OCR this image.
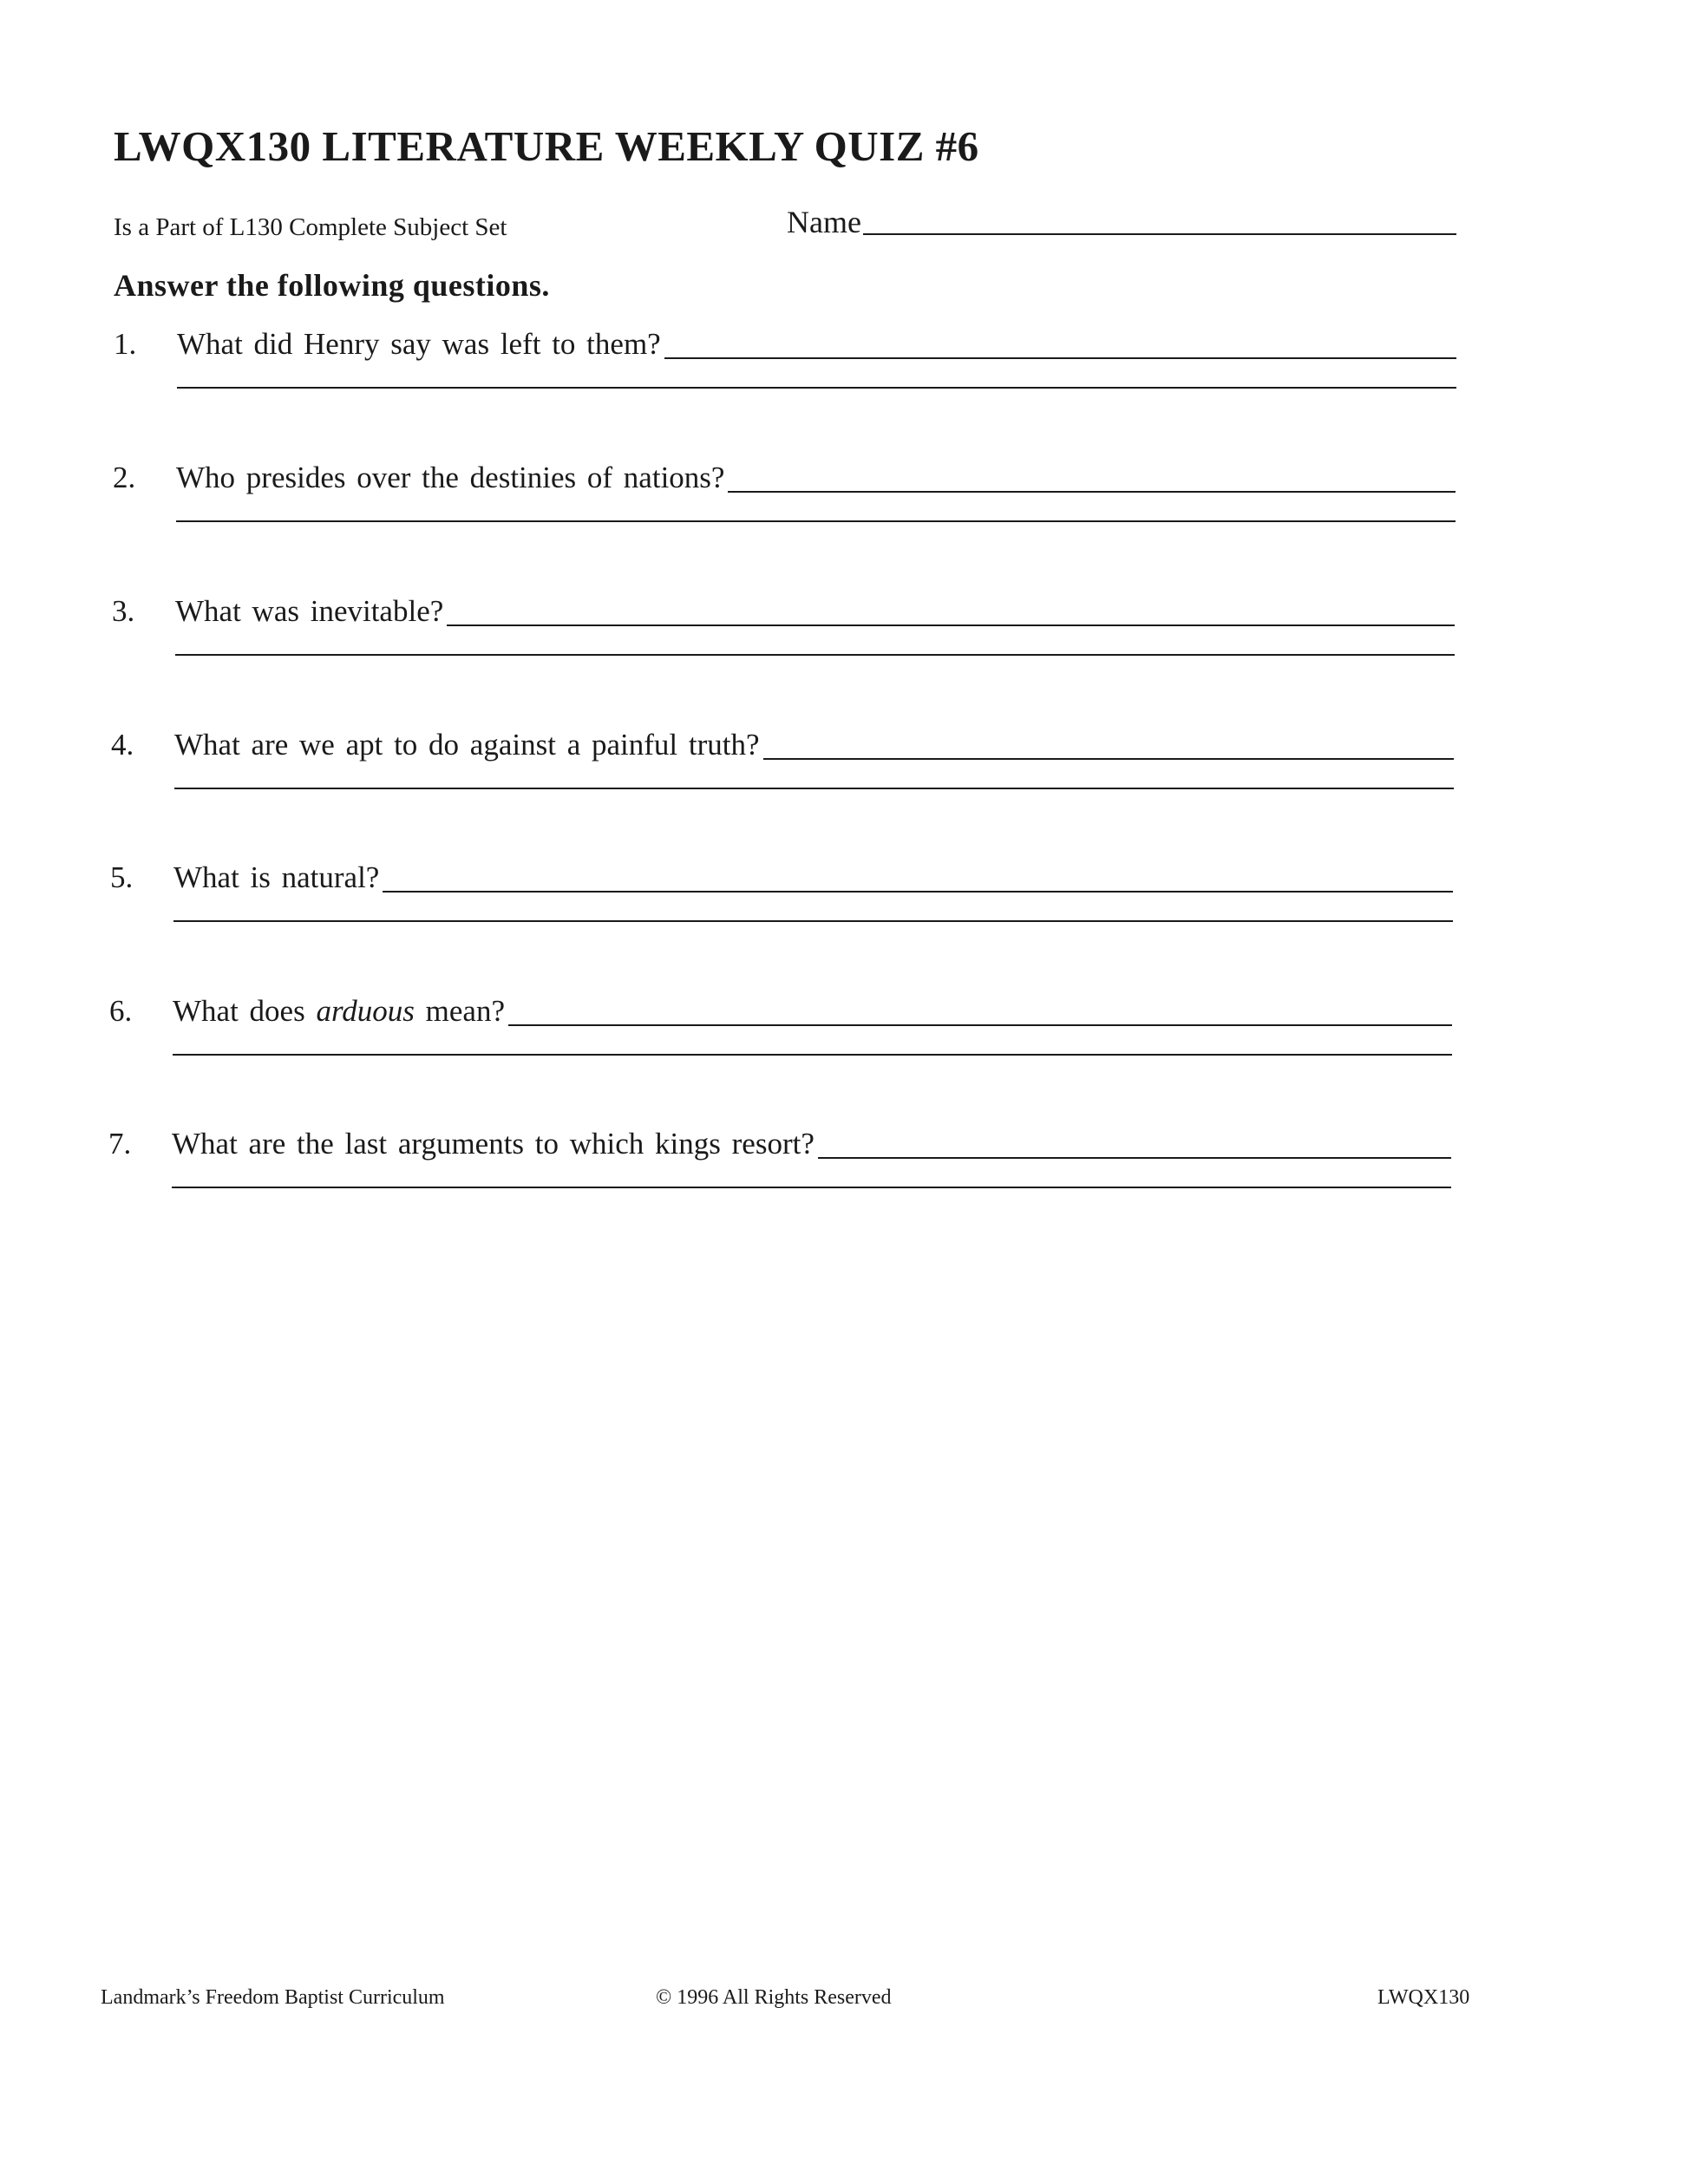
LWQX130 LITERATURE WEEKLY QUIZ #6
Is a Part of L130 Complete Subject Set	Name
Answer the following questions.
1.	What did Henry say was left to them?
2.	Who presides over the destinies of nations?
3.	What was inevitable?
4.	What are we apt to do against a painful truth?
5.	What is natural?
6.	What does arduous mean?
7.	What are the last arguments to which kings resort?
Landmark’s Freedom Baptist Curriculum	© 1996 All Rights Reserved	LWQX130
